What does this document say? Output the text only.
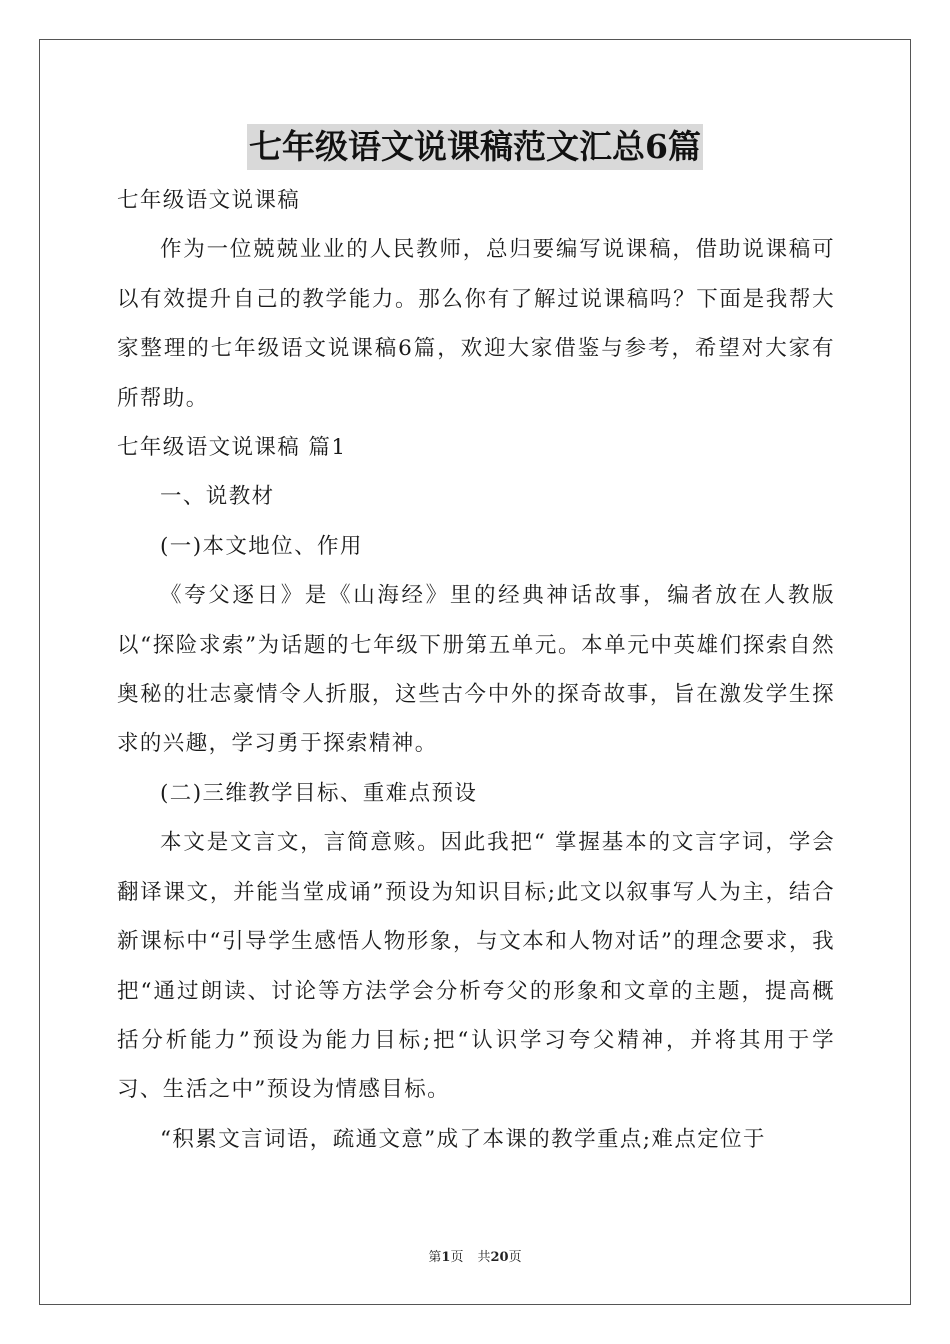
七年级语文说课稿范文汇总6篇

七年级语文说课稿

作为一位兢兢业业的人民教师，总归要编写说课稿，借助说课稿可以有效提升自己的教学能力。那么你有了解过说课稿吗？下面是我帮大家整理的七年级语文说课稿6篇，欢迎大家借鉴与参考，希望对大家有所帮助。

七年级语文说课稿 篇1

一、说教材

(一)本文地位、作用

《夸父逐日》是《山海经》里的经典神话故事，编者放在人教版以“探险求索”为话题的七年级下册第五单元。本单元中英雄们探索自然奥秘的壮志豪情令人折服，这些古今中外的探奇故事，旨在激发学生探求的兴趣，学习勇于探索精神。

(二)三维教学目标、重难点预设

本文是文言文，言简意赅。因此我把“ 掌握基本的文言字词，学会翻译课文，并能当堂成诵”预设为知识目标;此文以叙事写人为主，结合新课标中“引导学生感悟人物形象，与文本和人物对话”的理念要求，我把“通过朗读、讨论等方法学会分析夸父的形象和文章的主题，提高概括分析能力”预设为能力目标;把“认识学习夸父精神，并将其用于学习、生活之中”预设为情感目标。

“积累文言词语，疏通文意”成了本课的教学重点;难点定位于

第1页 共20页
